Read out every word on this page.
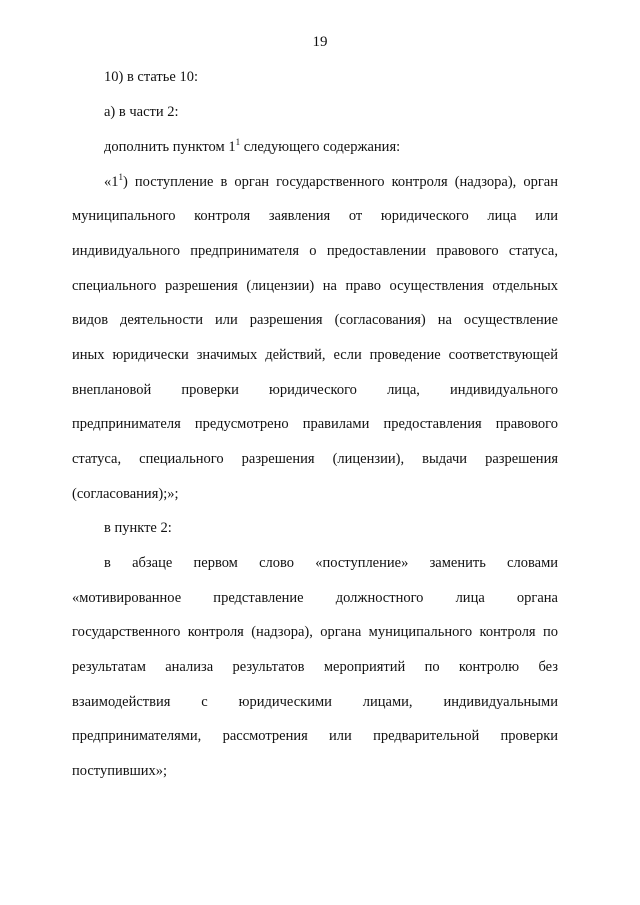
19
10) в статье 10:
а) в части 2:
дополнить пунктом $1^1$ следующего содержания:
«$1^1$) поступление в орган государственного контроля (надзора), орган
муниципального контроля заявления от юридического лица или
индивидуального предпринимателя о предоставлении правового статуса,
специального разрешения (лицензии) на право осуществления отдельных
видов деятельности или разрешения (согласования) на осуществление
иных юридически значимых действий, если проведение соответствующей
внеплановой проверки юридического лица, индивидуального
предпринимателя предусмотрено правилами предоставления правового
статуса, специального разрешения (лицензии), выдачи разрешения
(согласования);»;
в пункте 2:
в абзаце первом слово «поступление» заменить словами
«мотивированное представление должностного лица органа
государственного контроля (надзора), органа муниципального контроля по
результатам анализа результатов мероприятий по контролю без
взаимодействия с юридическими лицами, индивидуальными
предпринимателями, рассмотрения или предварительной проверки
поступивших»;
